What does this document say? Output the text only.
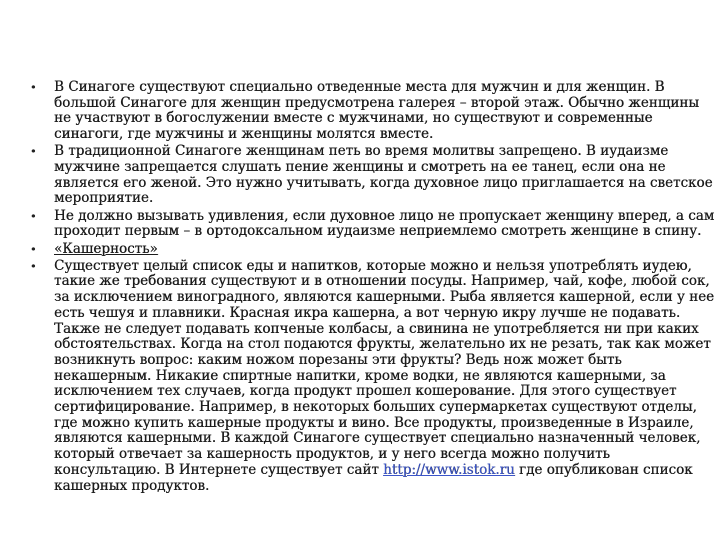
• В Синагоге существуют специально отведенные места для мужчин и для женщин. В большой Синагоге для женщин предусмотрена галерея – второй этаж. Обычно женщины не участвуют в богослужении вместе с мужчинами, но существуют и современные синагоги, где мужчины и женщины молятся вместе.
• В традиционной Синагоге женщинам петь во время молитвы запрещено. В иудаизме мужчине запрещается слушать пение женщины и смотреть на ее танец, если она не является его женой. Это нужно учитывать, когда духовное лицо приглашается на светское мероприятие.
• Не должно вызывать удивления, если духовное лицо не пропускает женщину вперед, а сам проходит первым – в ортодоксальном иудаизме неприемлемо смотреть женщине в спину.
• «Кашерность»
• Существует целый список еды и напитков, которые можно и нельзя употреблять иудею, такие же требования существуют и в отношении посуды. Например, чай, кофе, любой сок, за исключением виноградного, являются кашерными. Рыба является кашерной, если у нее есть чешуя и плавники. Красная икра кашерна, а вот черную икру лучше не подавать. Также не следует подавать копченые колбасы, а свинина не употребляется ни при каких обстоятельствах. Когда на стол подаются фрукты, желательно их не резать, так как может возникнуть вопрос: каким ножом порезаны эти фрукты? Ведь нож может быть некашерным. Никакие спиртные напитки, кроме водки, не являются кашерными, за исключением тех случаев, когда продукт прошел кошерование. Для этого существует сертифицирование. Например, в некоторых больших супермаркетах существуют отделы, где можно купить кашерные продукты и вино. Все продукты, произведенные в Израиле, являются кашерными. В каждой Синагоге существует специально назначенный человек, который отвечает за кашерность продуктов, и у него всегда можно получить консультацию. В Интернете существует сайт http://www.istok.ru где опубликован список кашерных продуктов.
